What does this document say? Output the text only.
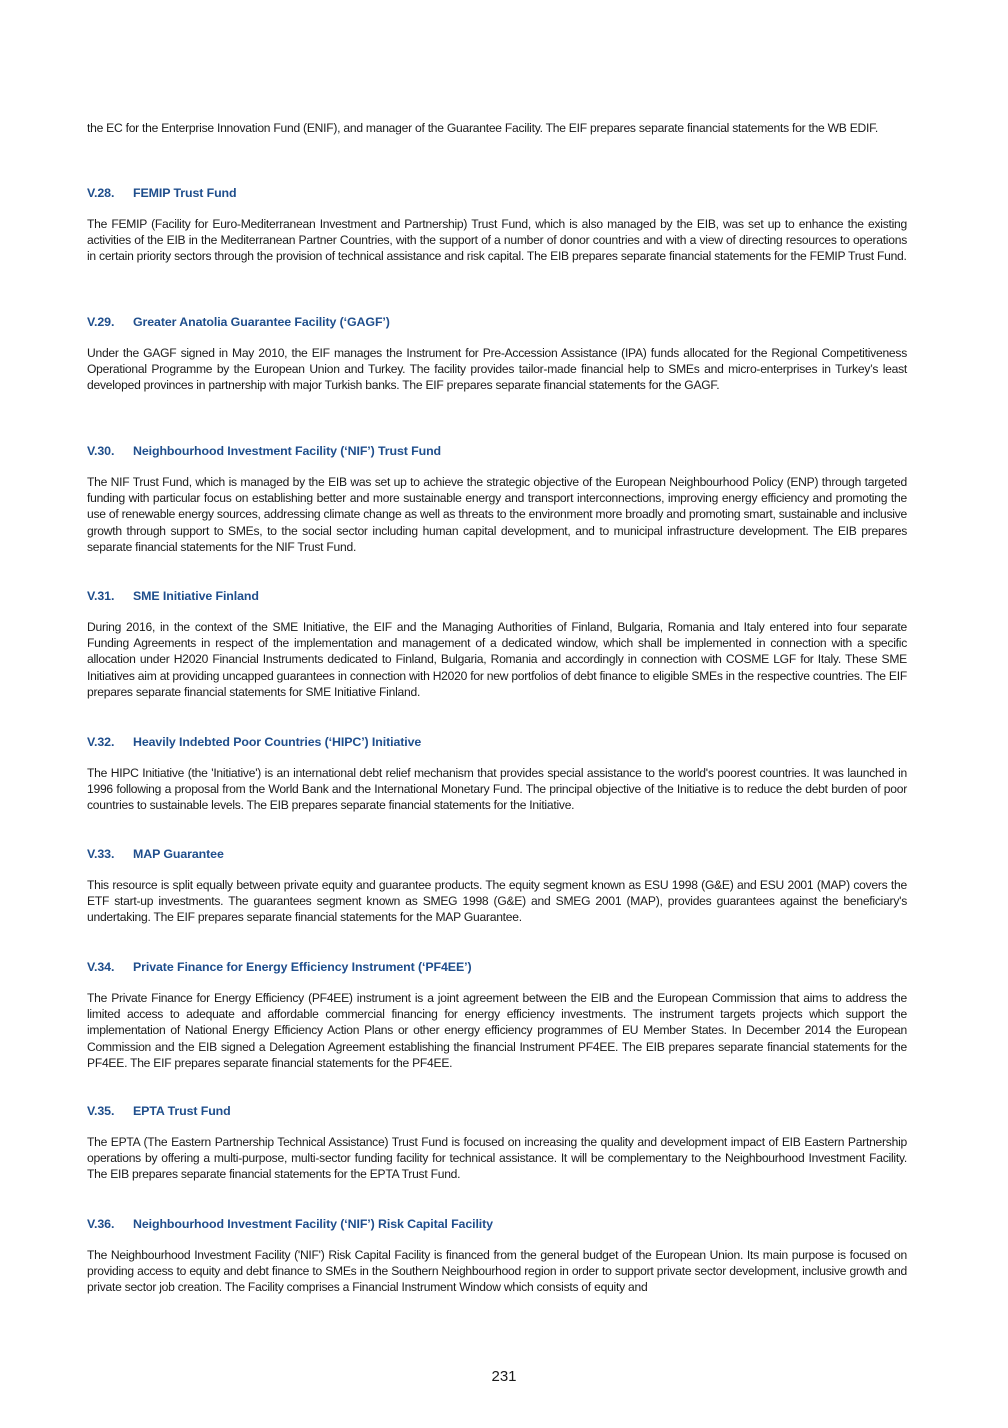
the EC for the Enterprise Innovation Fund (ENIF), and manager of the Guarantee Facility. The EIF prepares separate financial statements for the WB EDIF.

V.28.	FEMIP Trust Fund

The FEMIP (Facility for Euro-Mediterranean Investment and Partnership) Trust Fund, which is also managed by the EIB, was set up to enhance the existing activities of the EIB in the Mediterranean Partner Countries, with the support of a number of donor countries and with a view of directing resources to operations in certain priority sectors through the provision of technical assistance and risk capital. The EIB prepares separate financial statements for the FEMIP Trust Fund.

V.29.	Greater Anatolia Guarantee Facility (‘GAGF’)

Under the GAGF signed in May 2010, the EIF manages the Instrument for Pre-Accession Assistance (IPA) funds allocated for the Regional Competitiveness Operational Programme by the European Union and Turkey. The facility provides tailor-made financial help to SMEs and micro-enterprises in Turkey’s least developed provinces in partnership with major Turkish banks. The EIF prepares separate financial statements for the GAGF.

V.30.	Neighbourhood Investment Facility (‘NIF’) Trust Fund

The NIF Trust Fund, which is managed by the EIB was set up to achieve the strategic objective of the European Neighbourhood Policy (ENP) through targeted funding with particular focus on establishing better and more sustainable energy and transport interconnections, improving energy efficiency and promoting the use of renewable energy sources, addressing climate change as well as threats to the environment more broadly and promoting smart, sustainable and inclusive growth through support to SMEs, to the social sector including human capital development, and to municipal infrastructure development. The EIB prepares separate financial statements for the NIF Trust Fund.

V.31.	SME Initiative Finland

During 2016, in the context of the SME Initiative, the EIF and the Managing Authorities of Finland, Bulgaria, Romania and Italy entered into four separate Funding Agreements in respect of the implementation and management of a dedicated window, which shall be implemented in connection with a specific allocation under H2020 Financial Instruments dedicated to Finland, Bulgaria, Romania and accordingly in connection with COSME LGF for Italy. These SME Initiatives aim at providing uncapped guarantees in connection with H2020 for new portfolios of debt finance to eligible SMEs in the respective countries. The EIF prepares separate financial statements for SME Initiative Finland.

V.32.	Heavily Indebted Poor Countries (‘HIPC’) Initiative

The HIPC Initiative (the 'Initiative') is an international debt relief mechanism that provides special assistance to the world's poorest countries. It was launched in 1996 following a proposal from the World Bank and the International Monetary Fund. The principal objective of the Initiative is to reduce the debt burden of poor countries to sustainable levels. The EIB prepares separate financial statements for the Initiative.

V.33.	MAP Guarantee

This resource is split equally between private equity and guarantee products. The equity segment known as ESU 1998 (G&E) and ESU 2001 (MAP) covers the ETF start-up investments. The guarantees segment known as SMEG 1998 (G&E) and SMEG 2001 (MAP), provides guarantees against the beneficiary's undertaking. The EIF prepares separate financial statements for the MAP Guarantee.

V.34.	Private Finance for Energy Efficiency Instrument (‘PF4EE’)

The Private Finance for Energy Efficiency (PF4EE) instrument is a joint agreement between the EIB and the European Commission that aims to address the limited access to adequate and affordable commercial financing for energy efficiency investments. The instrument targets projects which support the implementation of National Energy Efficiency Action Plans or other energy efficiency programmes of EU Member States. In December 2014 the European Commission and the EIB signed a Delegation Agreement establishing the financial Instrument PF4EE. The EIB prepares separate financial statements for the PF4EE. The EIF prepares separate financial statements for the PF4EE.

V.35.	EPTA Trust Fund

The EPTA (The Eastern Partnership Technical Assistance) Trust Fund is focused on increasing the quality and development impact of EIB Eastern Partnership operations by offering a multi-purpose, multi-sector funding facility for technical assistance. It will be complementary to the Neighbourhood Investment Facility. The EIB prepares separate financial statements for the EPTA Trust Fund.

V.36.	Neighbourhood Investment Facility (‘NIF’) Risk Capital Facility

The Neighbourhood Investment Facility ('NIF') Risk Capital Facility is financed from the general budget of the European Union. Its main purpose is focused on providing access to equity and debt finance to SMEs in the Southern Neighbourhood region in order to support private sector development, inclusive growth and private sector job creation. The Facility comprises a Financial Instrument Window which consists of equity and

231
